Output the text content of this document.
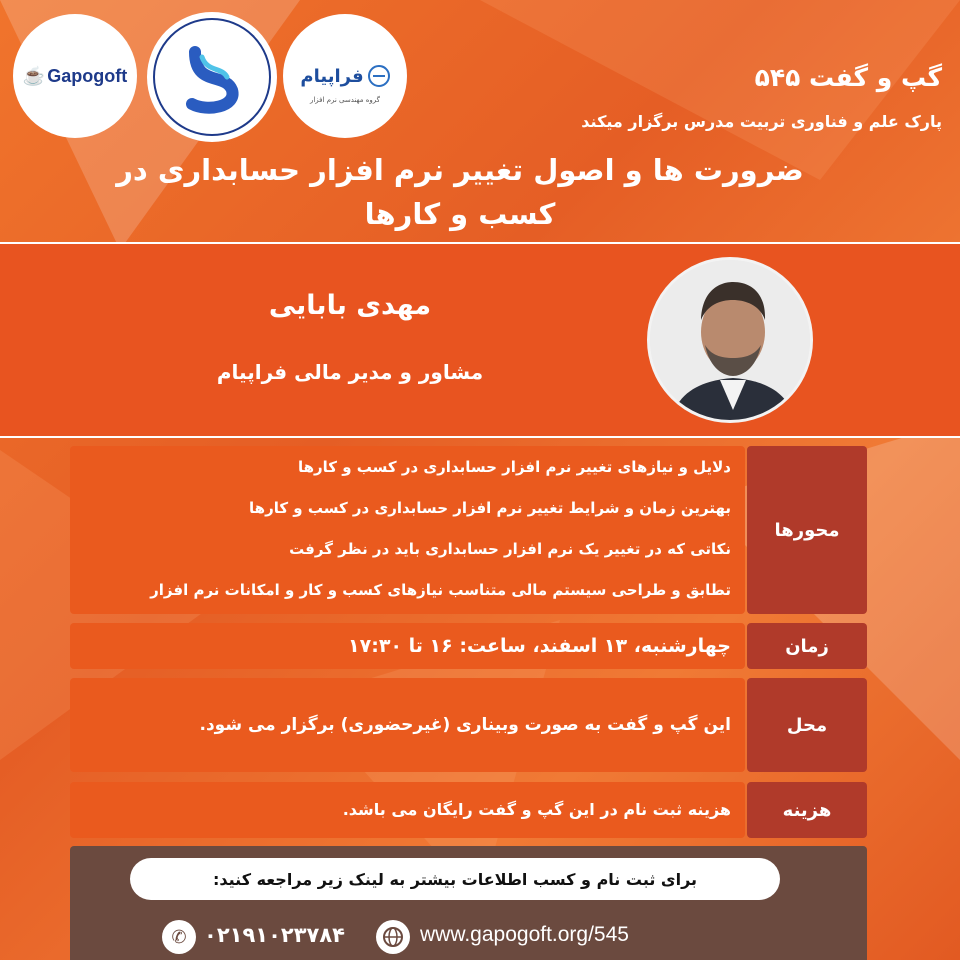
☕ Gapogoft	فراپیام
گروه مهندسی نرم افزار
گپ و گفت ۵۴۵
پارک علم و فناوری تربیت مدرس برگزار میکند
ضرورت ها و اصول تغییر نرم افزار حسابداری در
کسب و کارها
مهدی بابایی
مشاور و مدیر مالی فراپیام
دلایل و نیازهای تغییر نرم افزار حسابداری در کسب و کارها
بهترین زمان و شرایط تغییر نرم افزار حسابداری در کسب و کارها
نکاتی که در تغییر یک نرم افزار حسابداری باید در نظر گرفت
تطابق و طراحی سیستم مالی متناسب نیازهای کسب و کار و امکانات نرم افزار
محورها
چهارشنبه، ۱۳ اسفند، ساعت: ۱۶ تا ۱۷:۳۰	زمان
این گپ و گفت به صورت وبیناری (غیرحضوری) برگزار می شود.	محل
هزینه ثبت نام در این گپ و گفت رایگان می باشد.	هزینه
برای ثبت نام و کسب اطلاعات بیشتر به لینک زیر مراجعه کنید:
✆ ۰۲۱۹۱۰۲۳۷۸۴	www.gapogoft.org/545
